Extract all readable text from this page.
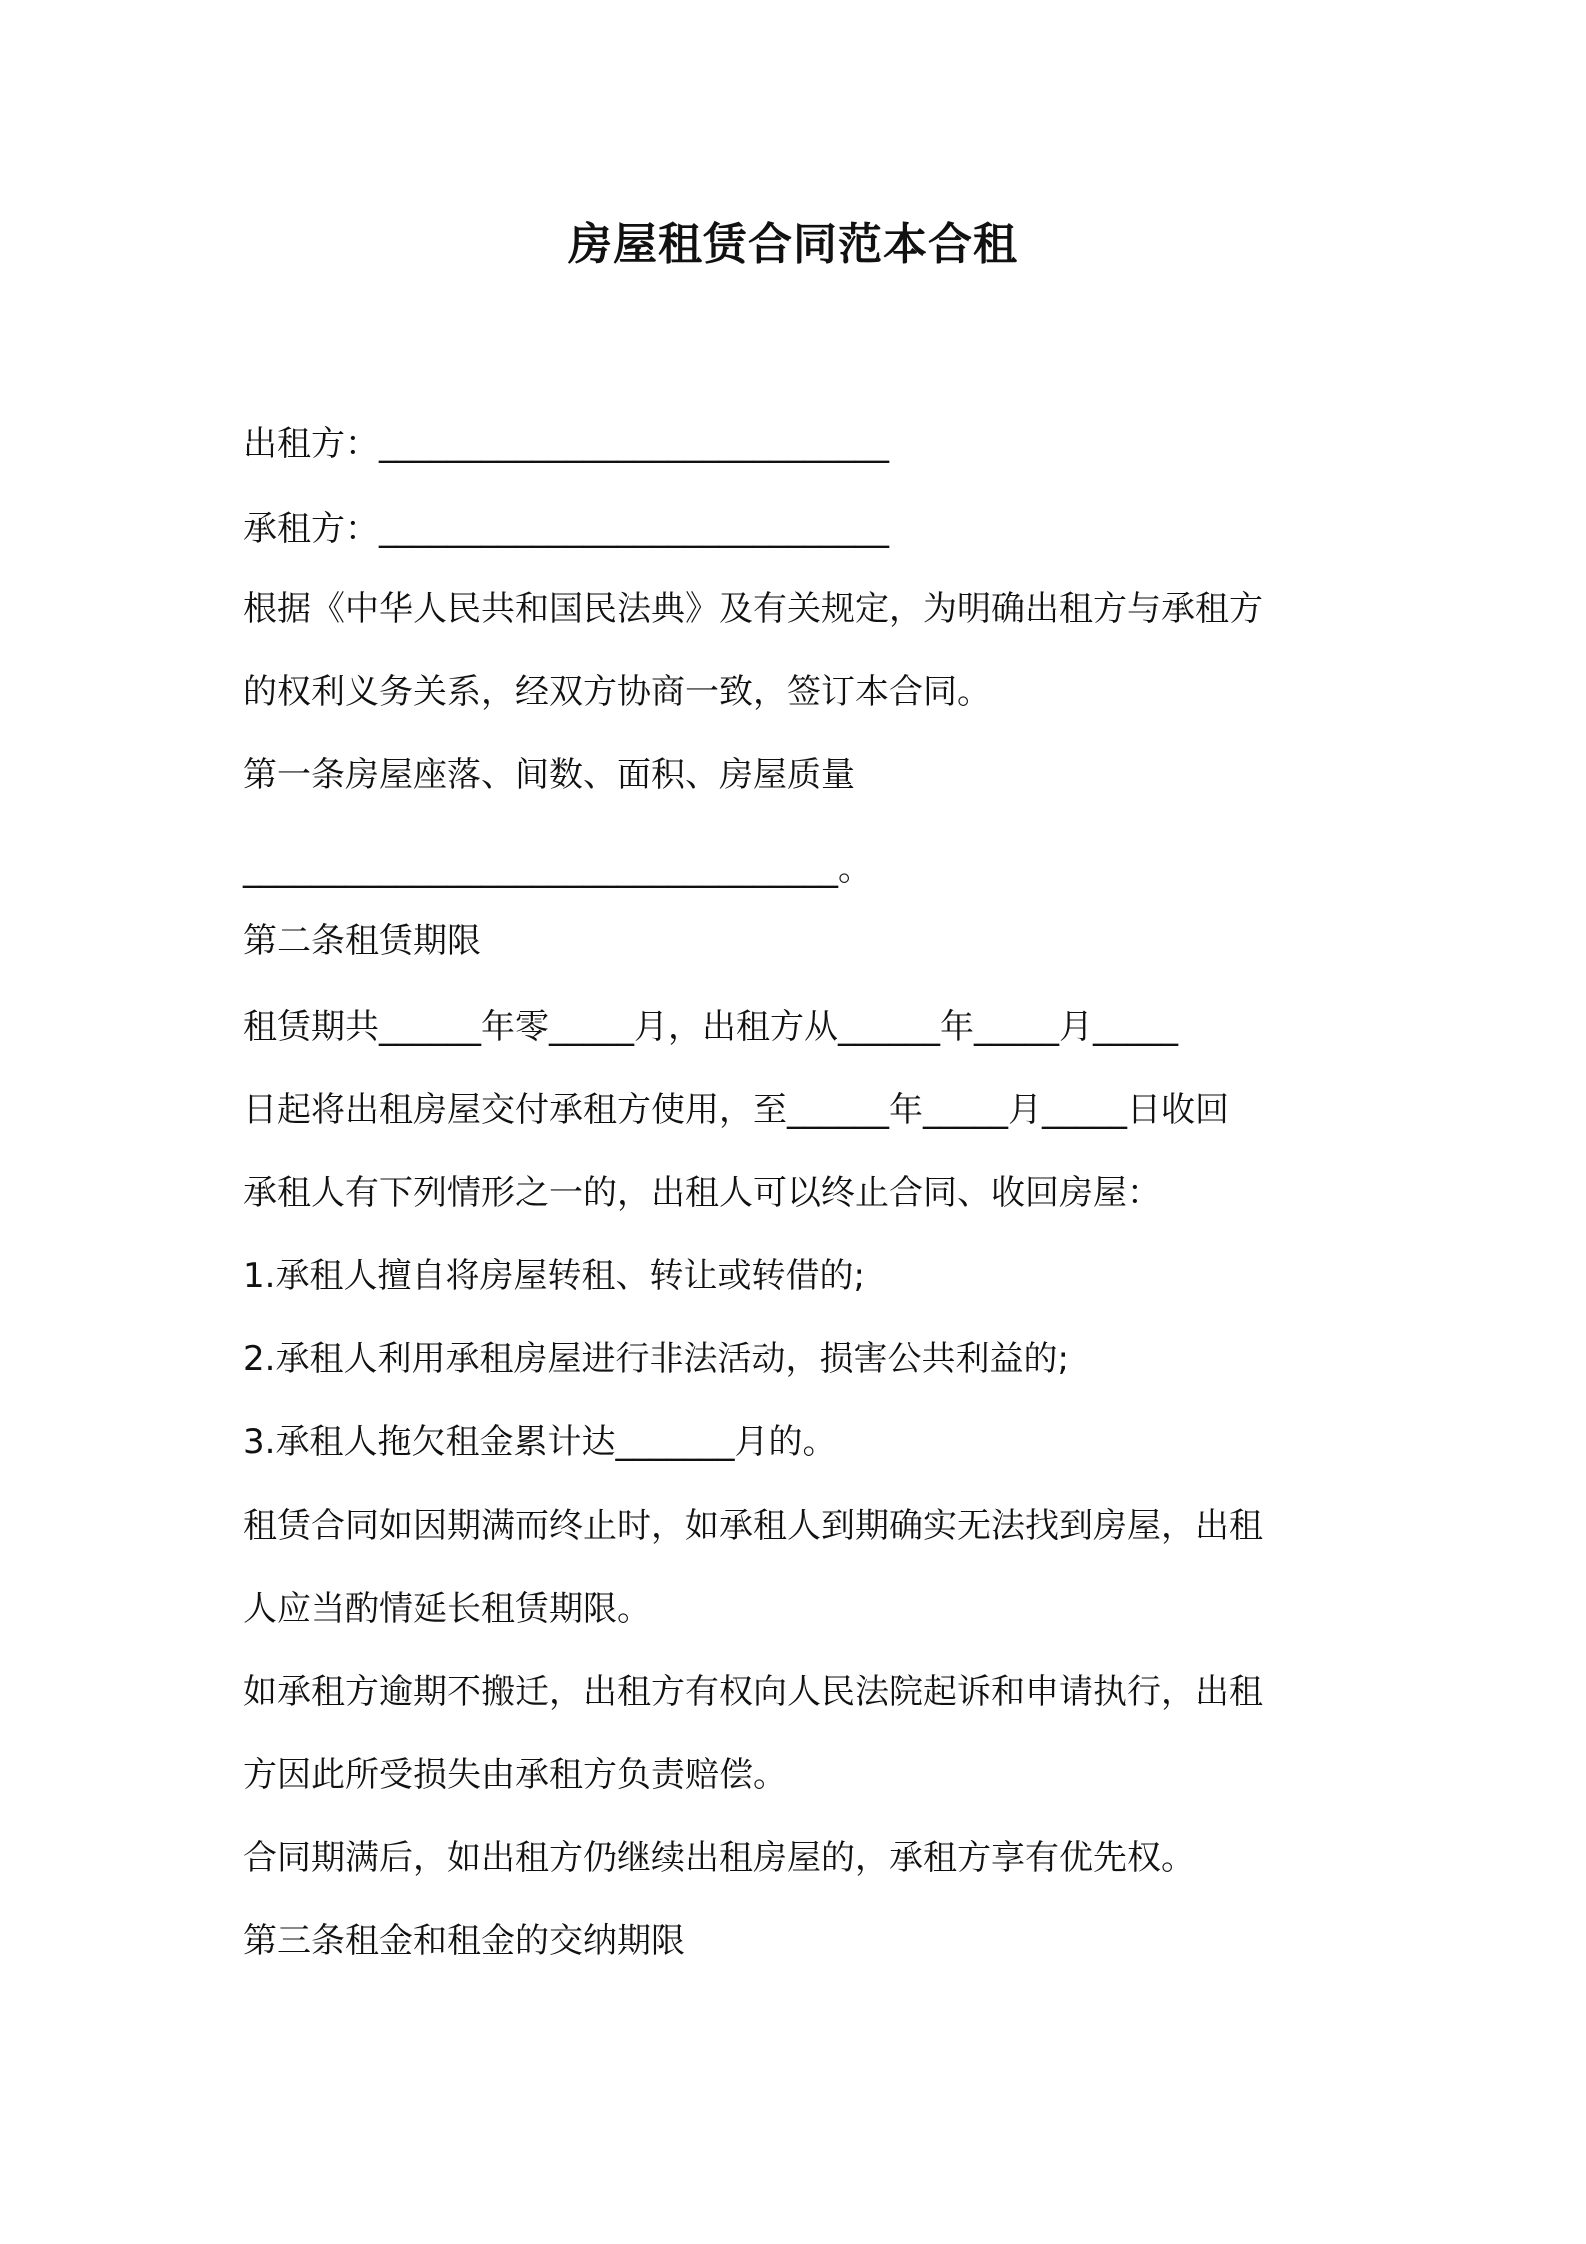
房屋租赁合同范本合租

出租方：______________________________

承租方：______________________________

根据《中华人民共和国民法典》及有关规定，为明确出租方与承租方

的权利义务关系，经双方协商一致，签订本合同。

第一条房屋座落、间数、面积、房屋质量

___________________________________。

第二条租赁期限

租赁期共______年零_____月，出租方从______年_____月_____

日起将出租房屋交付承租方使用，至______年_____月_____日收回

承租人有下列情形之一的，出租人可以终止合同、收回房屋：

1.承租人擅自将房屋转租、转让或转借的;

2.承租人利用承租房屋进行非法活动，损害公共利益的;

3.承租人拖欠租金累计达_______月的。

租赁合同如因期满而终止时，如承租人到期确实无法找到房屋，出租

人应当酌情延长租赁期限。

如承租方逾期不搬迁，出租方有权向人民法院起诉和申请执行，出租

方因此所受损失由承租方负责赔偿。

合同期满后，如出租方仍继续出租房屋的，承租方享有优先权。

第三条租金和租金的交纳期限
